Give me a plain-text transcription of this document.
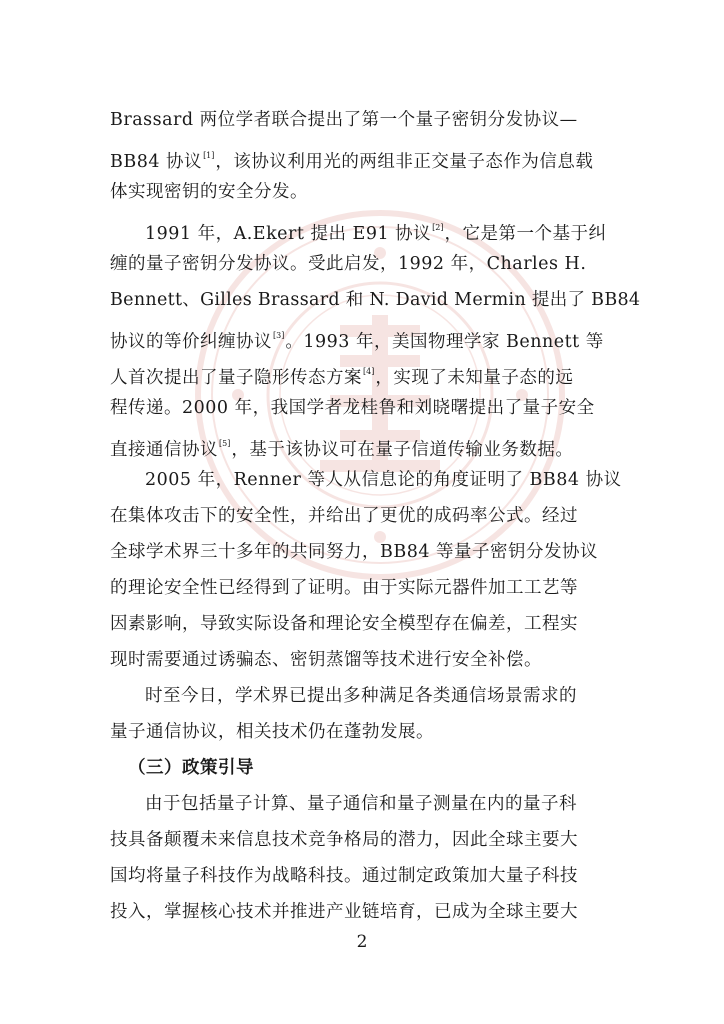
Brassard 两位学者联合提出了第一个量子密钥分发协议—
BB84 协议[1]，该协议利用光的两组非正交量子态作为信息载
体实现密钥的安全分发。
1991 年，A.Ekert 提出 E91 协议[2]，它是第一个基于纠
缠的量子密钥分发协议。受此启发，1992 年，Charles H.
Bennett、Gilles Brassard 和 N. David Mermin 提出了 BB84
协议的等价纠缠协议[3]。1993 年，美国物理学家 Bennett 等
人首次提出了量子隐形传态方案[4]，实现了未知量子态的远
程传递。2000 年，我国学者龙桂鲁和刘晓曙提出了量子安全
直接通信协议[5]，基于该协议可在量子信道传输业务数据。
2005 年，Renner 等人从信息论的角度证明了 BB84 协议
在集体攻击下的安全性，并给出了更优的成码率公式。经过
全球学术界三十多年的共同努力，BB84 等量子密钥分发协议
的理论安全性已经得到了证明。由于实际元器件加工工艺等
因素影响，导致实际设备和理论安全模型存在偏差，工程实
现时需要通过诱骗态、密钥蒸馏等技术进行安全补偿。
时至今日，学术界已提出多种满足各类通信场景需求的
量子通信协议，相关技术仍在蓬勃发展。
（三）政策引导
由于包括量子计算、量子通信和量子测量在内的量子科
技具备颠覆未来信息技术竞争格局的潜力，因此全球主要大
国均将量子科技作为战略科技。通过制定政策加大量子科技
投入，掌握核心技术并推进产业链培育，已成为全球主要大
2
